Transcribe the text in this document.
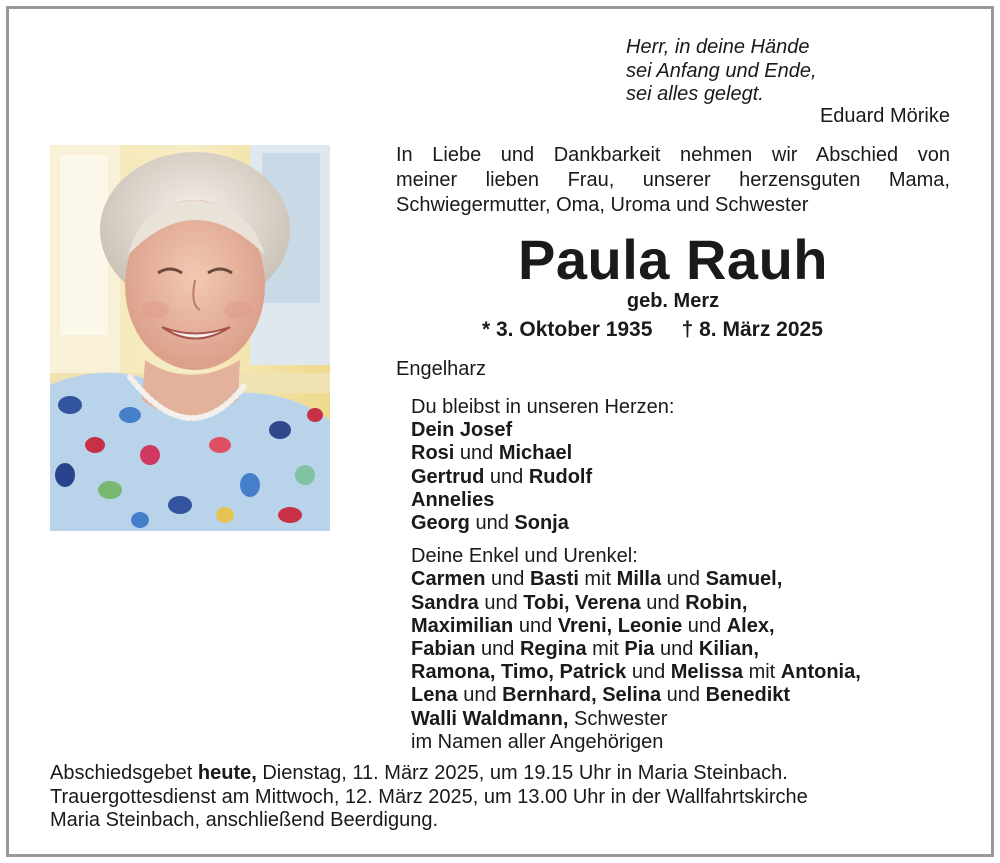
Herr, in deine Hände
sei Anfang und Ende,
sei alles gelegt.
Eduard Mörike
In Liebe und Dankbarkeit nehmen wir Abschied von
meiner lieben Frau, unserer herzensguten Mama,
Schwiegermutter, Oma, Uroma und Schwester
Paula Rauh
geb. Merz
* 3. Oktober 1935 † 8. März 2025
Engelharz
Du bleibst in unseren Herzen:
Dein Josef
Rosi und Michael
Gertrud und Rudolf
Annelies
Georg und Sonja
Deine Enkel und Urenkel:
Carmen und Basti mit Milla und Samuel,
Sandra und Tobi, Verena und Robin,
Maximilian und Vreni, Leonie und Alex,
Fabian und Regina mit Pia und Kilian,
Ramona, Timo, Patrick und Melissa mit Antonia,
Lena und Bernhard, Selina und Benedikt
Walli Waldmann, Schwester
im Namen aller Angehörigen
Abschiedsgebet heute, Dienstag, 11. März 2025, um 19.15 Uhr in Maria Steinbach.
Trauergottesdienst am Mittwoch, 12. März 2025, um 13.00 Uhr in der Wallfahrtskirche
Maria Steinbach, anschließend Beerdigung.
